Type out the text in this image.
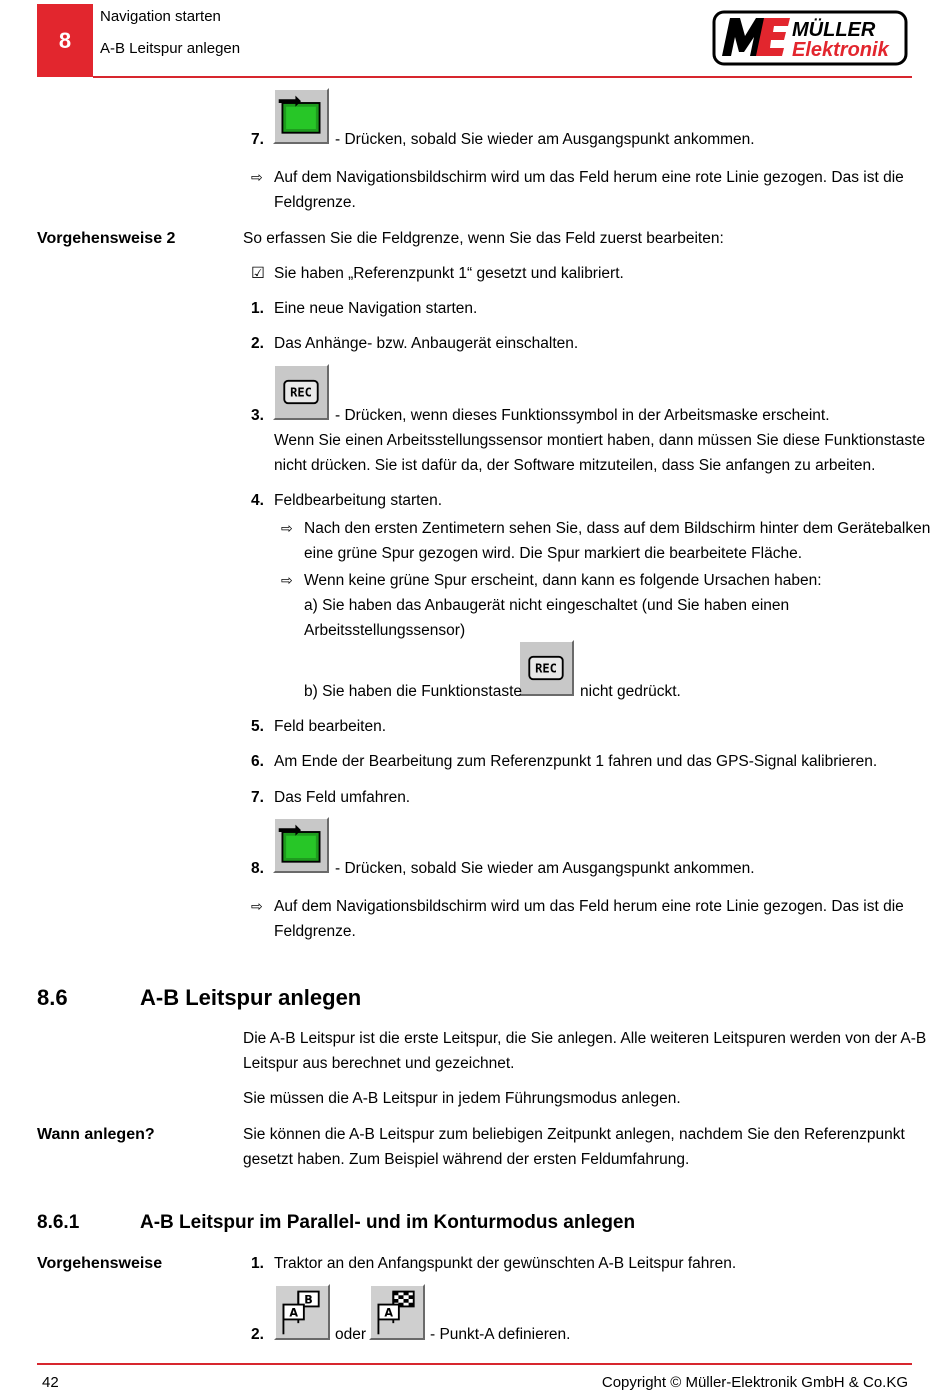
8
Navigation starten
A-B Leitspur anlegen
MÜLLER
Elektronik
7.	- Drücken, sobald Sie wieder am Ausgangspunkt ankommen.
⇨ Auf dem Navigationsbildschirm wird um das Feld herum eine rote Linie gezogen. Das ist die
Feldgrenze.
Vorgehensweise 2	So erfassen Sie die Feldgrenze, wenn Sie das Feld zuerst bearbeiten:
☑ Sie haben „Referenzpunkt 1“ gesetzt und kalibriert.
1. Eine neue Navigation starten.
2. Das Anhänge- bzw. Anbaugerät einschalten.
REC
3.	- Drücken, wenn dieses Funktionssymbol in der Arbeitsmaske erscheint.
Wenn Sie einen Arbeitsstellungssensor montiert haben, dann müssen Sie diese Funktionstaste
nicht drücken. Sie ist dafür da, der Software mitzuteilen, dass Sie anfangen zu arbeiten.
4. Feldbearbeitung starten.
⇨ Nach den ersten Zentimetern sehen Sie, dass auf dem Bildschirm hinter dem Gerätebalken
eine grüne Spur gezogen wird. Die Spur markiert die bearbeitete Fläche.
⇨ Wenn keine grüne Spur erscheint, dann kann es folgende Ursachen haben:
a) Sie haben das Anbaugerät nicht eingeschaltet (und Sie haben einen
Arbeitsstellungssensor)
REC
b) Sie haben die Funktionstaste	nicht gedrückt.
5. Feld bearbeiten.
6. Am Ende der Bearbeitung zum Referenzpunkt 1 fahren und das GPS-Signal kalibrieren.
7. Das Feld umfahren.
8.	- Drücken, sobald Sie wieder am Ausgangspunkt ankommen.
⇨ Auf dem Navigationsbildschirm wird um das Feld herum eine rote Linie gezogen. Das ist die
Feldgrenze.
8.6	A-B Leitspur anlegen
Die A-B Leitspur ist die erste Leitspur, die Sie anlegen. Alle weiteren Leitspuren werden von der A-B
Leitspur aus berechnet und gezeichnet.
Sie müssen die A-B Leitspur in jedem Führungsmodus anlegen.
Wann anlegen?	Sie können die A-B Leitspur zum beliebigen Zeitpunkt anlegen, nachdem Sie den Referenzpunkt
gesetzt haben. Zum Beispiel während der ersten Feldumfahrung.
8.6.1	A-B Leitspur im Parallel- und im Konturmodus anlegen
Vorgehensweise	1. Traktor an den Anfangspunkt der gewünschten A-B Leitspur fahren.
B
A
2.	oder
A
- Punkt-A definieren.
42	Copyright © Müller-Elektronik GmbH & Co.KG
